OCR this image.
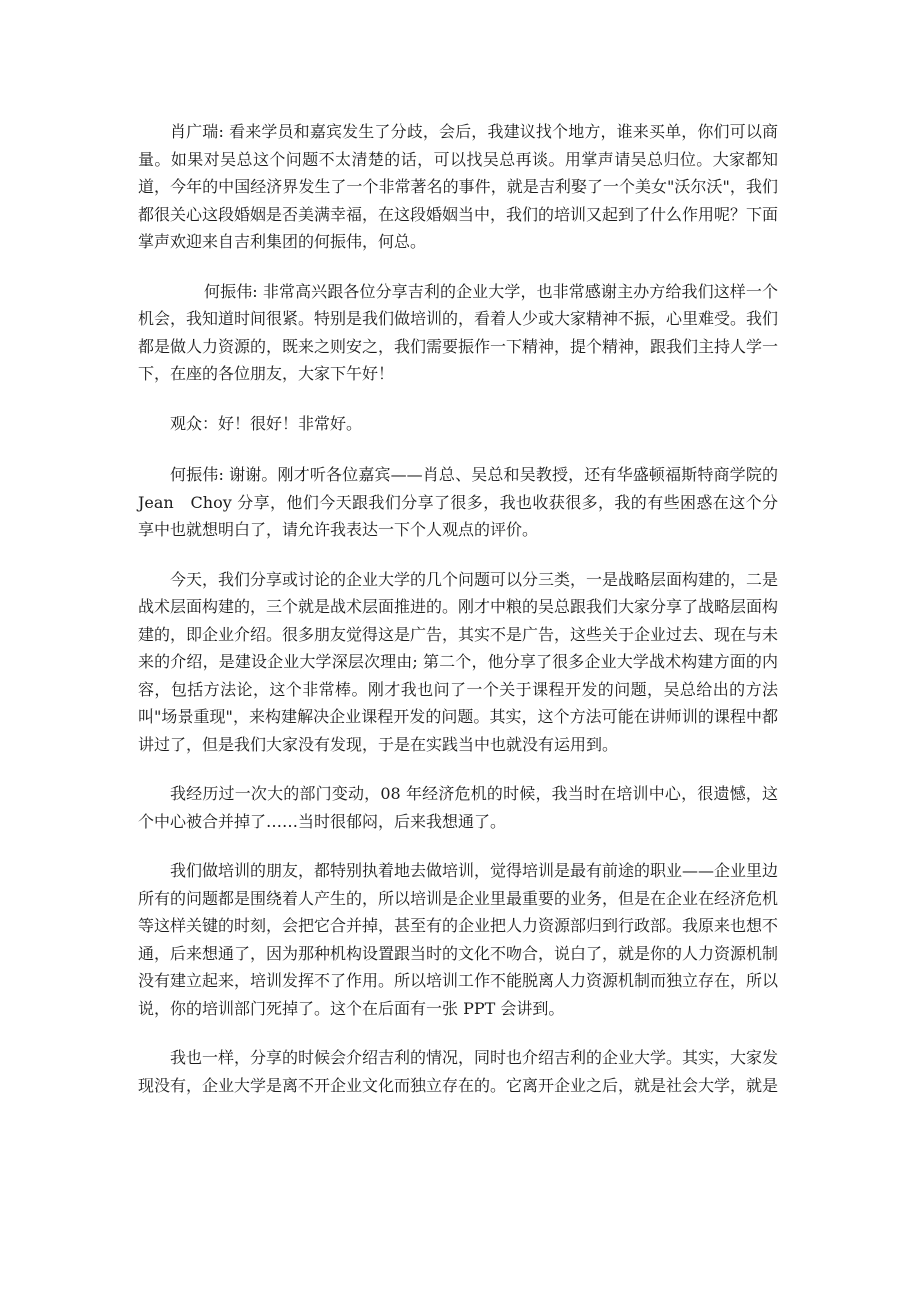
肖广瑞: 看来学员和嘉宾发生了分歧，会后，我建议找个地方，谁来买单，你们可以商量。如果对吴总这个问题不太清楚的话，可以找吴总再谈。用掌声请吴总归位。大家都知道，今年的中国经济界发生了一个非常著名的事件，就是吉利娶了一个美女"沃尔沃"，我们都很关心这段婚姻是否美满幸福，在这段婚姻当中，我们的培训又起到了什么作用呢？下面掌声欢迎来自吉利集团的何振伟，何总。

何振伟: 非常高兴跟各位分享吉利的企业大学，也非常感谢主办方给我们这样一个机会，我知道时间很紧。特别是我们做培训的，看着人少或大家精神不振，心里难受。我们都是做人力资源的，既来之则安之，我们需要振作一下精神，提个精神，跟我们主持人学一下，在座的各位朋友，大家下午好！

观众：好！很好！非常好。

何振伟: 谢谢。刚才听各位嘉宾——肖总、吴总和吴教授，还有华盛顿福斯特商学院的Jean　Choy 分享，他们今天跟我们分享了很多，我也收获很多，我的有些困惑在这个分享中也就想明白了，请允许我表达一下个人观点的评价。

今天，我们分享或讨论的企业大学的几个问题可以分三类，一是战略层面构建的，二是战术层面构建的，三个就是战术层面推进的。刚才中粮的吴总跟我们大家分享了战略层面构建的，即企业介绍。很多朋友觉得这是广告，其实不是广告，这些关于企业过去、现在与未来的介绍，是建设企业大学深层次理由; 第二个，他分享了很多企业大学战术构建方面的内容，包括方法论，这个非常棒。刚才我也问了一个关于课程开发的问题，吴总给出的方法叫"场景重现"，来构建解决企业课程开发的问题。其实，这个方法可能在讲师训的课程中都讲过了，但是我们大家没有发现，于是在实践当中也就没有运用到。

我经历过一次大的部门变动，08 年经济危机的时候，我当时在培训中心，很遗憾，这个中心被合并掉了……当时很郁闷，后来我想通了。

我们做培训的朋友，都特别执着地去做培训，觉得培训是最有前途的职业——企业里边所有的问题都是围绕着人产生的，所以培训是企业里最重要的业务，但是在企业在经济危机等这样关键的时刻，会把它合并掉，甚至有的企业把人力资源部归到行政部。我原来也想不通，后来想通了，因为那种机构设置跟当时的文化不吻合，说白了，就是你的人力资源机制没有建立起来，培训发挥不了作用。所以培训工作不能脱离人力资源机制而独立存在，所以说，你的培训部门死掉了。这个在后面有一张 PPT 会讲到。

我也一样，分享的时候会介绍吉利的情况，同时也介绍吉利的企业大学。其实，大家发现没有，企业大学是离不开企业文化而独立存在的。它离开企业之后，就是社会大学，就是
